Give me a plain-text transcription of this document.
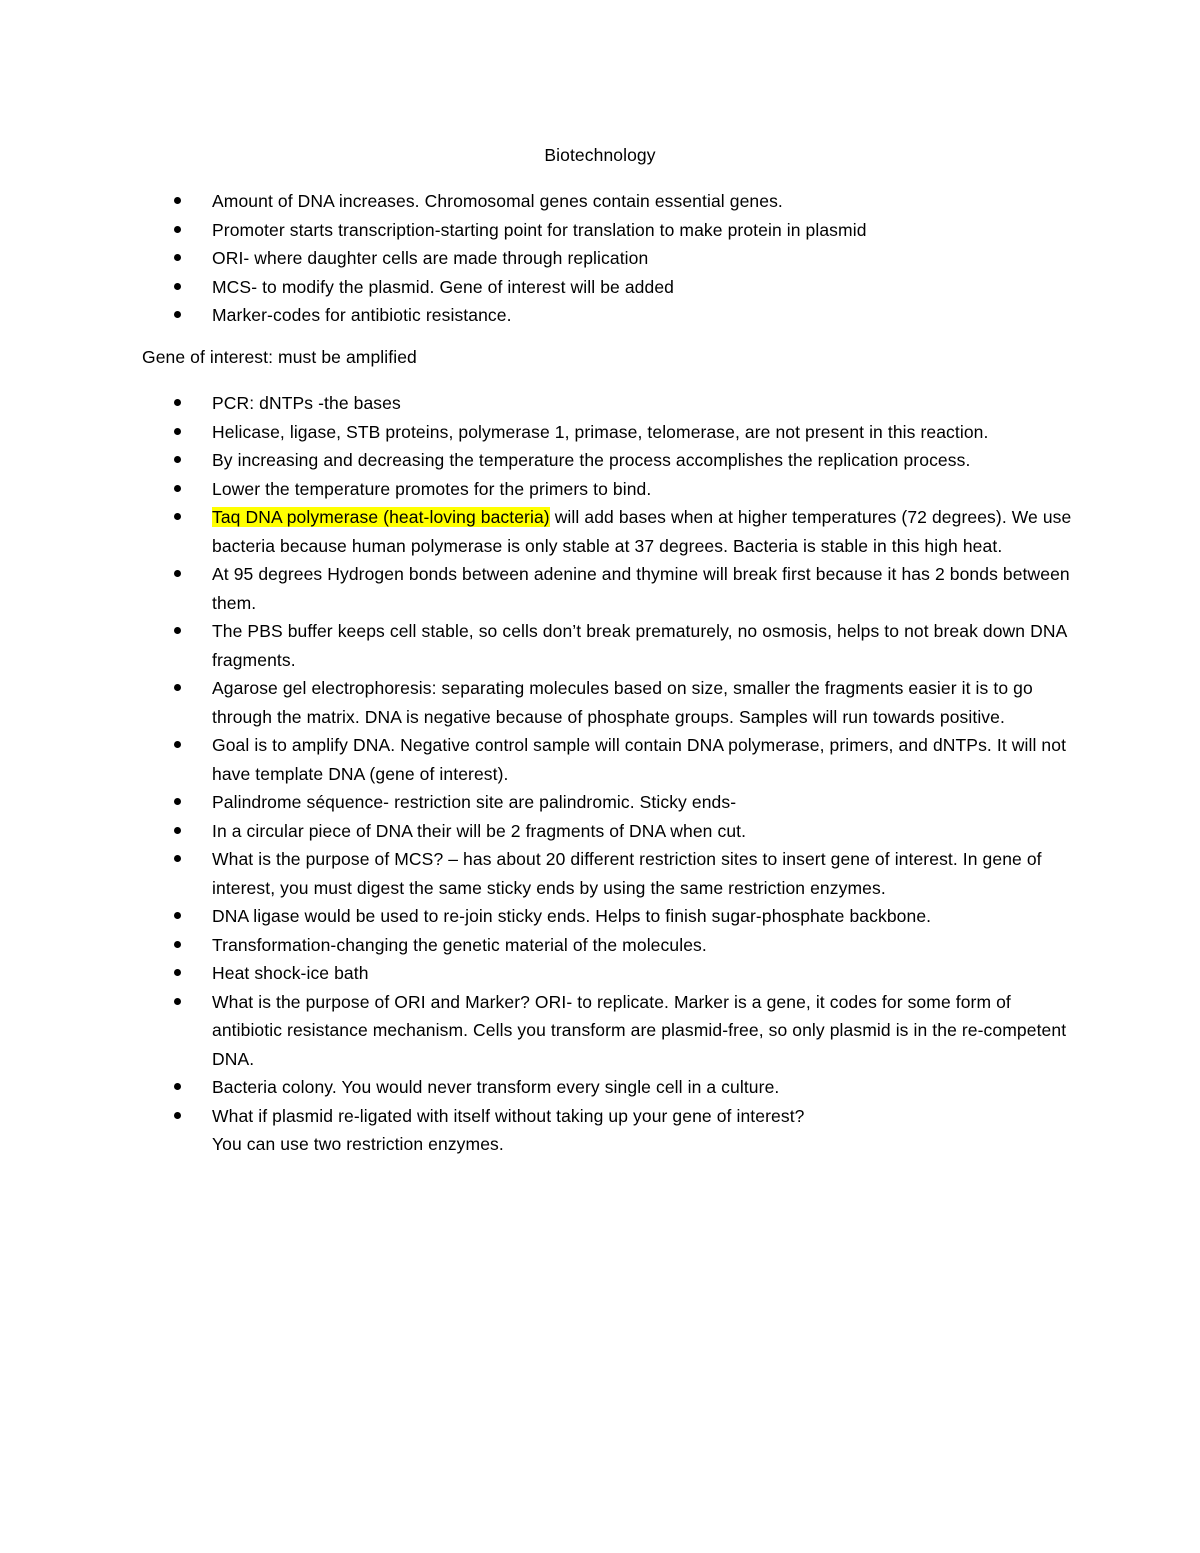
Biotechnology
Amount of DNA increases. Chromosomal genes contain essential genes.
Promoter starts transcription-starting point for translation to make protein in plasmid
ORI- where daughter cells are made through replication
MCS- to modify the plasmid. Gene of interest will be added
Marker-codes for antibiotic resistance.
Gene of interest: must be amplified
PCR: dNTPs -the bases
Helicase, ligase, STB proteins, polymerase 1, primase, telomerase, are not present in this reaction.
By increasing and decreasing the temperature the process accomplishes the replication process.
Lower the temperature promotes for the primers to bind.
Taq DNA polymerase (heat-loving bacteria) will add bases when at higher temperatures (72 degrees). We use bacteria because human polymerase is only stable at 37 degrees. Bacteria is stable in this high heat.
At 95 degrees Hydrogen bonds between adenine and thymine will break first because it has 2 bonds between them.
The PBS buffer keeps cell stable, so cells don’t break prematurely, no osmosis, helps to not break down DNA fragments.
Agarose gel electrophoresis: separating molecules based on size, smaller the fragments easier it is to go through the matrix. DNA is negative because of phosphate groups. Samples will run towards positive.
Goal is to amplify DNA. Negative control sample will contain DNA polymerase, primers, and dNTPs. It will not have template DNA (gene of interest).
Palindrome séquence- restriction site are palindromic. Sticky ends-
In a circular piece of DNA their will be 2 fragments of DNA when cut.
What is the purpose of MCS? – has about 20 different restriction sites to insert gene of interest. In gene of interest, you must digest the same sticky ends by using the same restriction enzymes.
DNA ligase would be used to re-join sticky ends. Helps to finish sugar-phosphate backbone.
Transformation-changing the genetic material of the molecules.
Heat shock-ice bath
What is the purpose of ORI and Marker? ORI- to replicate. Marker is a gene, it codes for some form of antibiotic resistance mechanism. Cells you transform are plasmid-free, so only plasmid is in the re-competent DNA.
Bacteria colony. You would never transform every single cell in a culture.
What if plasmid re-ligated with itself without taking up your gene of interest?
You can use two restriction enzymes.
